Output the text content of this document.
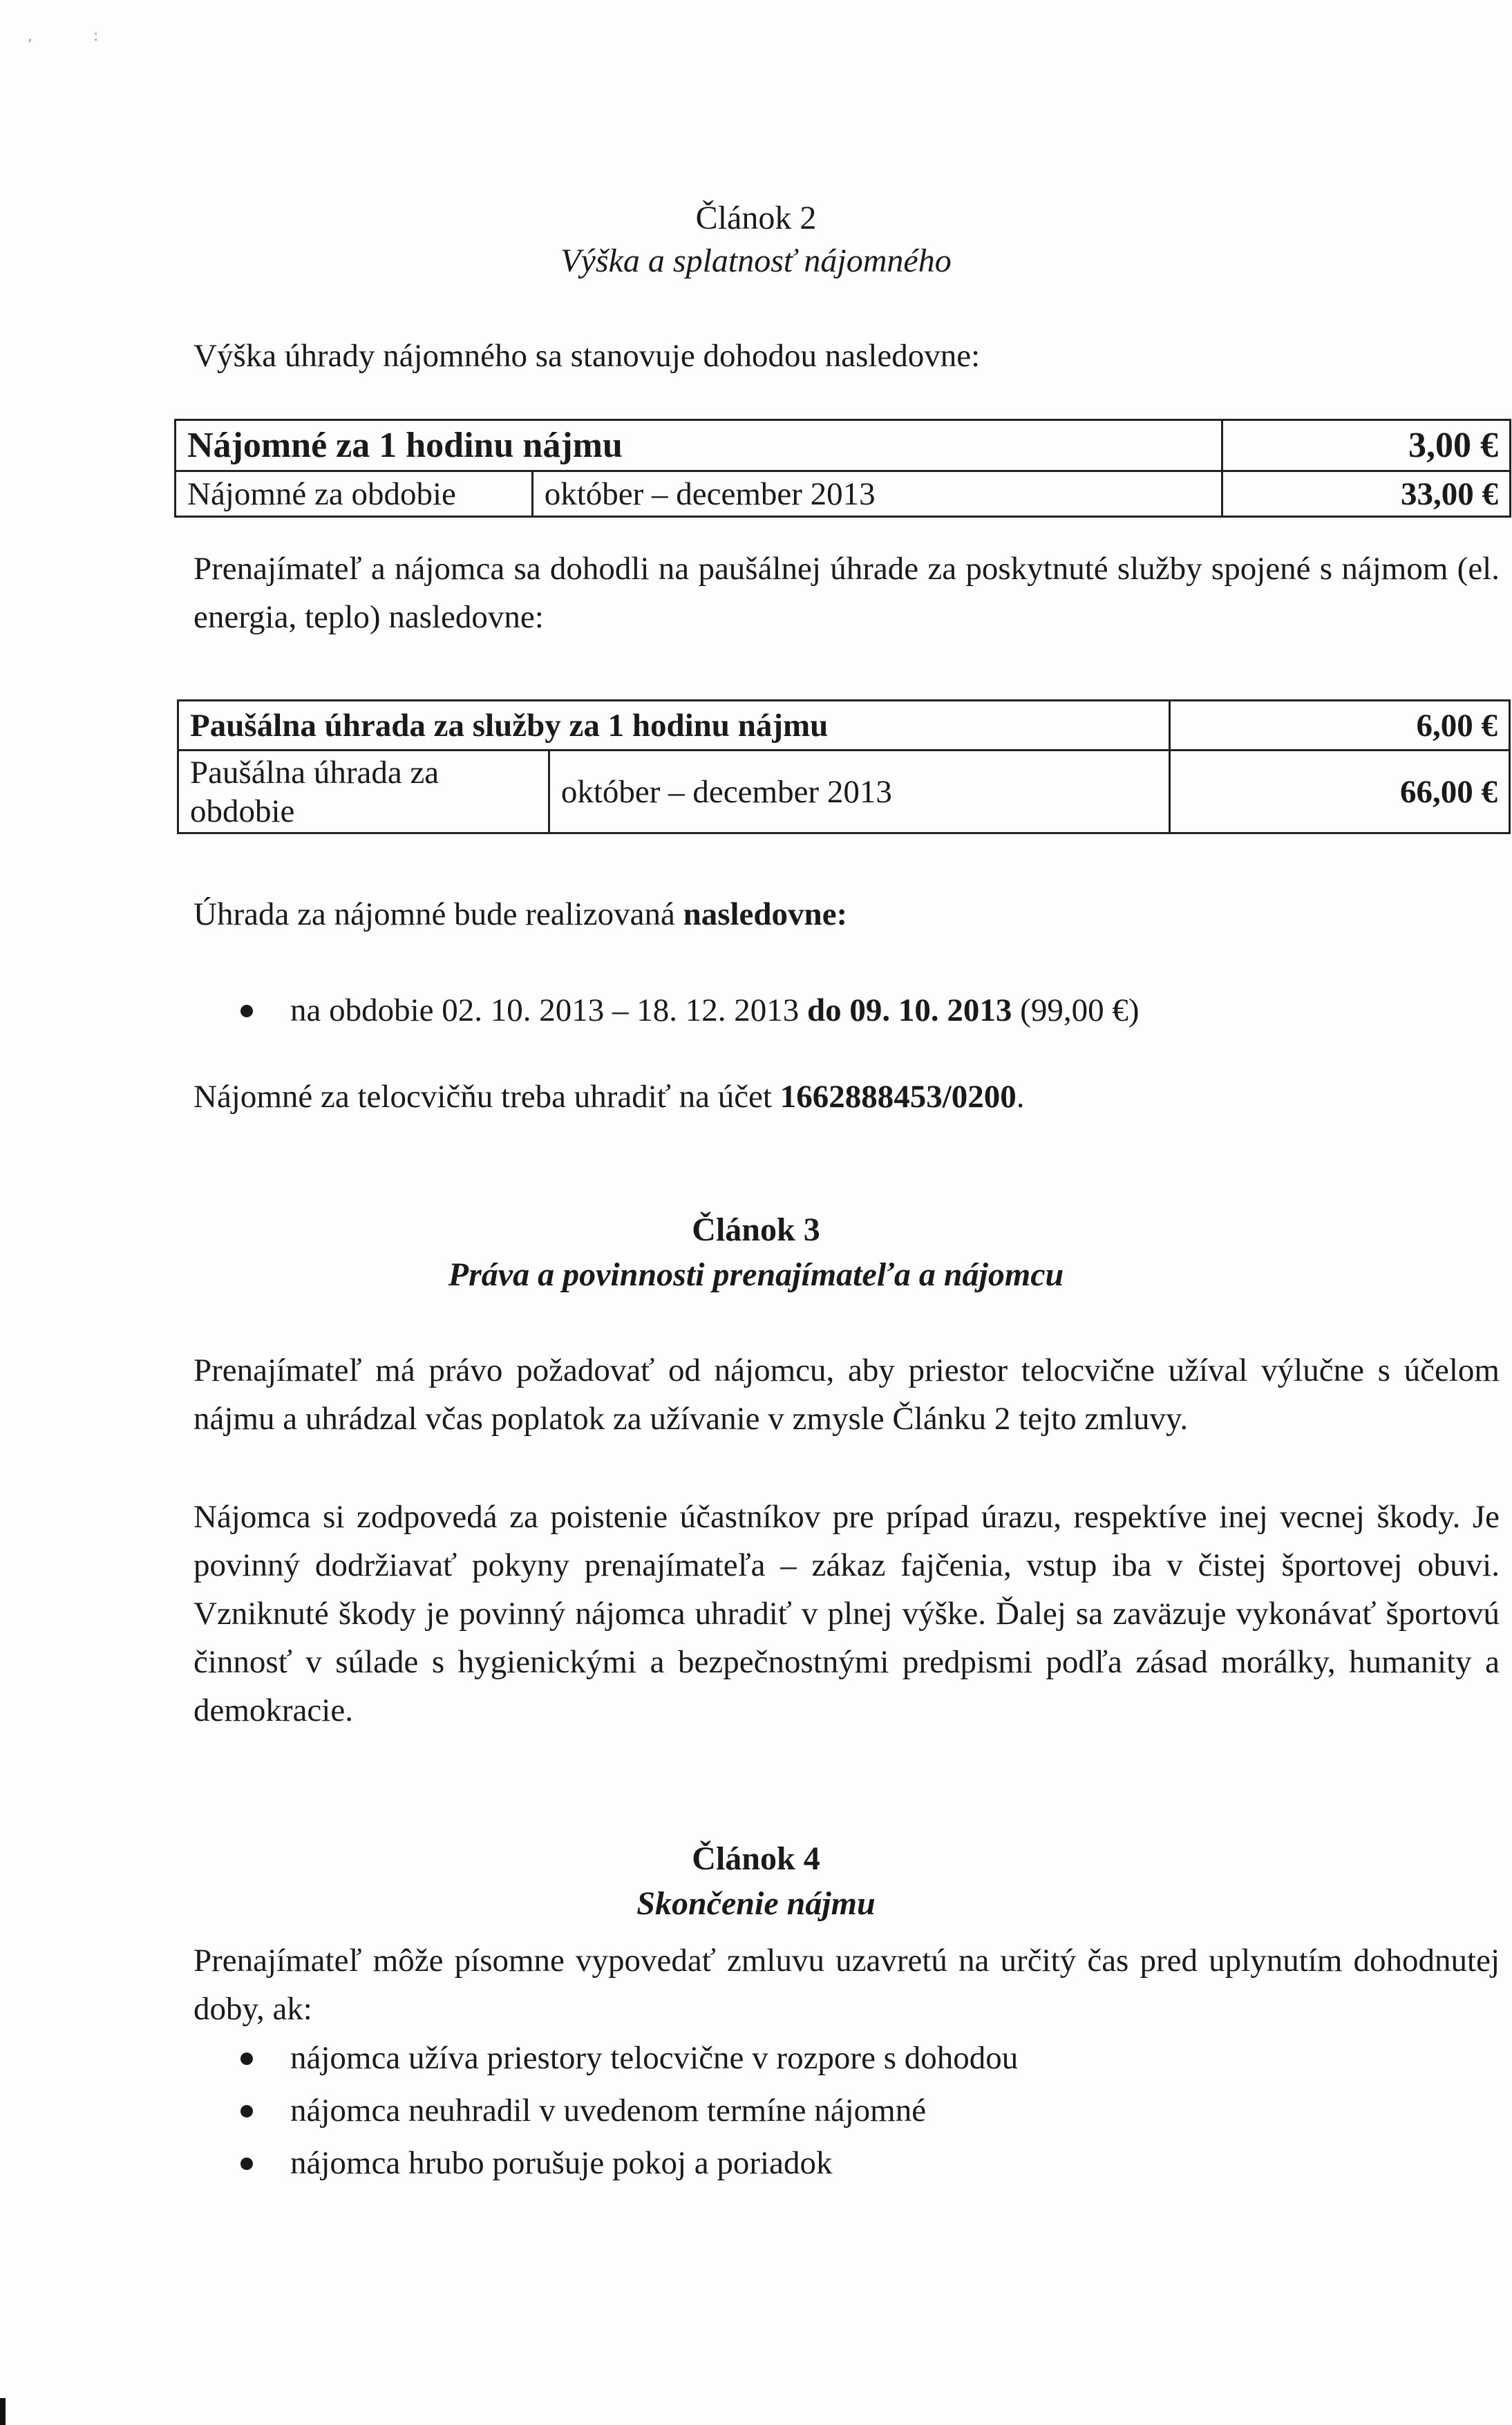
,	:
Článok 2
Výška a splatnosť nájomného

Výška úhrady nájomného sa stanovuje dohodou nasledovne:

Nájomné za 1 hodinu nájmu		3,00 €
Nájomné za obdobie	október – december 2013	33,00 €

Prenajímateľ a nájomca sa dohodli na paušálnej úhrade za poskytnuté služby spojené s nájmom (el. energia, teplo) nasledovne:

Paušálna úhrada za služby za 1 hodinu nájmu		6,00 €
Paušálna úhrada za obdobie	október – december 2013	66,00 €

Úhrada za nájomné bude realizovaná nasledovne:

na obdobie 02. 10. 2013 – 18. 12. 2013 do 09. 10. 2013 (99,00 €)

Nájomné za telocvičňu treba uhradiť na účet 1662888453/0200.

Článok 3
Práva a povinnosti prenajímateľa a nájomcu

Prenajímateľ má právo požadovať od nájomcu, aby priestor telocvične užíval výlučne s účelom nájmu a uhrádzal včas poplatok za užívanie v zmysle Článku 2 tejto zmluvy.

Nájomca si zodpovedá za poistenie účastníkov pre prípad úrazu, respektíve inej vecnej škody. Je povinný dodržiavať pokyny prenajímateľa – zákaz fajčenia, vstup iba v čistej športovej obuvi. Vzniknuté škody je povinný nájomca uhradiť v plnej výške. Ďalej sa zaväzuje vykonávať športovú činnosť v súlade s hygienickými a bezpečnostnými predpismi podľa zásad morálky, humanity a demokracie.

Článok 4
Skončenie nájmu

Prenajímateľ môže písomne vypovedať zmluvu uzavretú na určitý čas pred uplynutím dohodnutej doby, ak:

nájomca užíva priestory telocvične v rozpore s dohodou
nájomca neuhradil v uvedenom termíne nájomné
nájomca hrubo porušuje pokoj a poriadok
